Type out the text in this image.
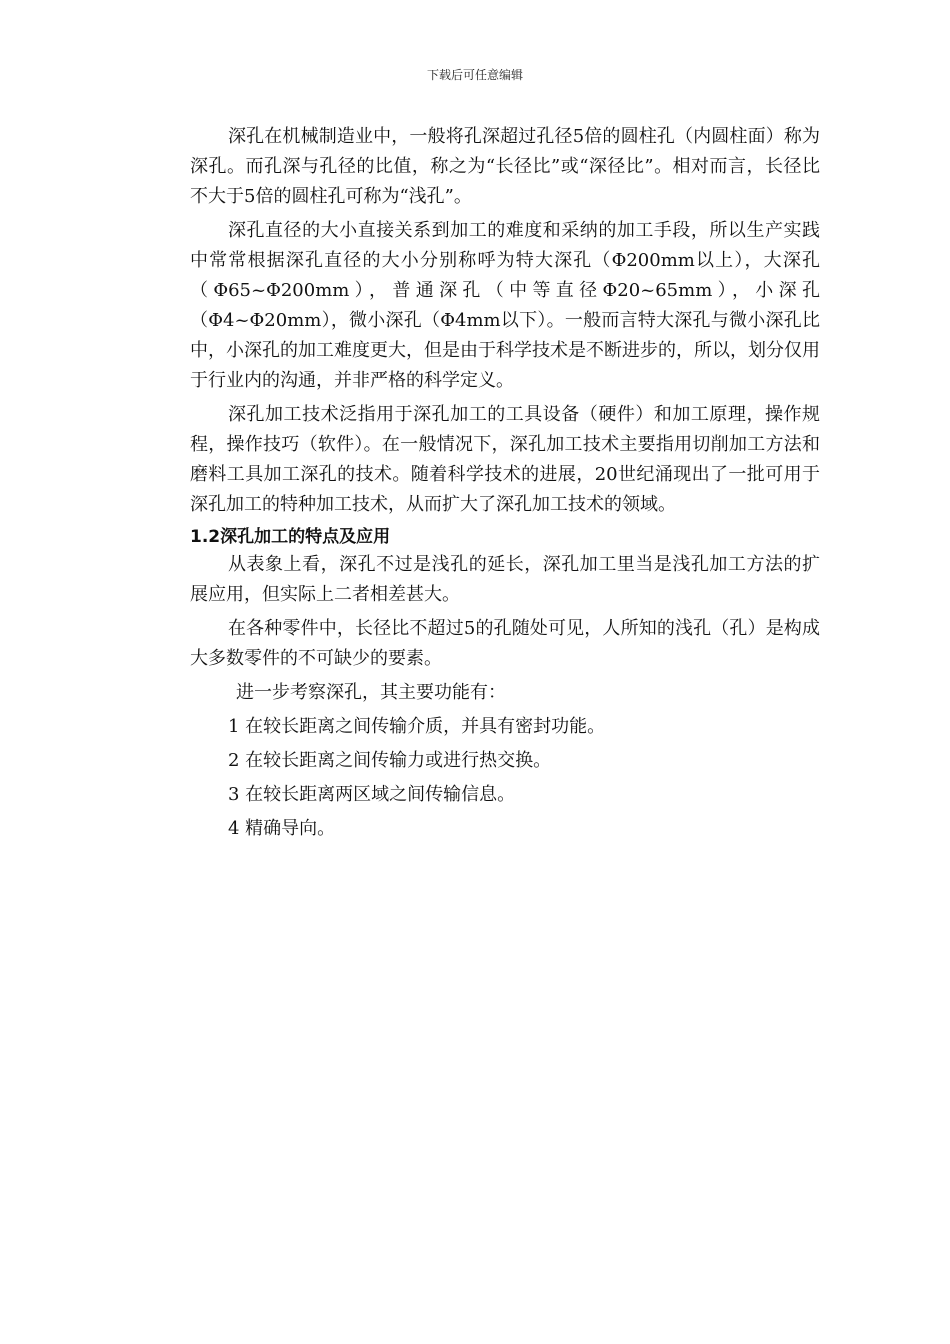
下载后可任意编辑

深孔在机械制造业中，一般将孔深超过孔径5倍的圆柱孔（内圆柱面）称为深孔。而孔深与孔径的比值，称之为“长径比”或“深径比”。相对而言，长径比不大于5倍的圆柱孔可称为“浅孔”。

深孔直径的大小直接关系到加工的难度和采纳的加工手段，所以生产实践中常常根据深孔直径的大小分别称呼为特大深孔（Φ200mm以上），大深孔（Φ65~Φ200mm），普通深孔（中等直径Φ20~65mm），小深孔（Φ4~Φ20mm），微小深孔（Φ4mm以下）。一般而言特大深孔与微小深孔比中，小深孔的加工难度更大，但是由于科学技术是不断进步的，所以，划分仅用于行业内的沟通，并非严格的科学定义。

深孔加工技术泛指用于深孔加工的工具设备（硬件）和加工原理，操作规程，操作技巧（软件）。在一般情况下，深孔加工技术主要指用切削加工方法和磨料工具加工深孔的技术。随着科学技术的进展，20世纪涌现出了一批可用于深孔加工的特种加工技术，从而扩大了深孔加工技术的领域。

1.2深孔加工的特点及应用

从表象上看，深孔不过是浅孔的延长，深孔加工里当是浅孔加工方法的扩展应用，但实际上二者相差甚大。

在各种零件中，长径比不超过5的孔随处可见，人所知的浅孔（孔）是构成大多数零件的不可缺少的要素。

进一步考察深孔，其主要功能有：

1 在较长距离之间传输介质，并具有密封功能。
2 在较长距离之间传输力或进行热交换。
3 在较长距离两区域之间传输信息。
4 精确导向。
